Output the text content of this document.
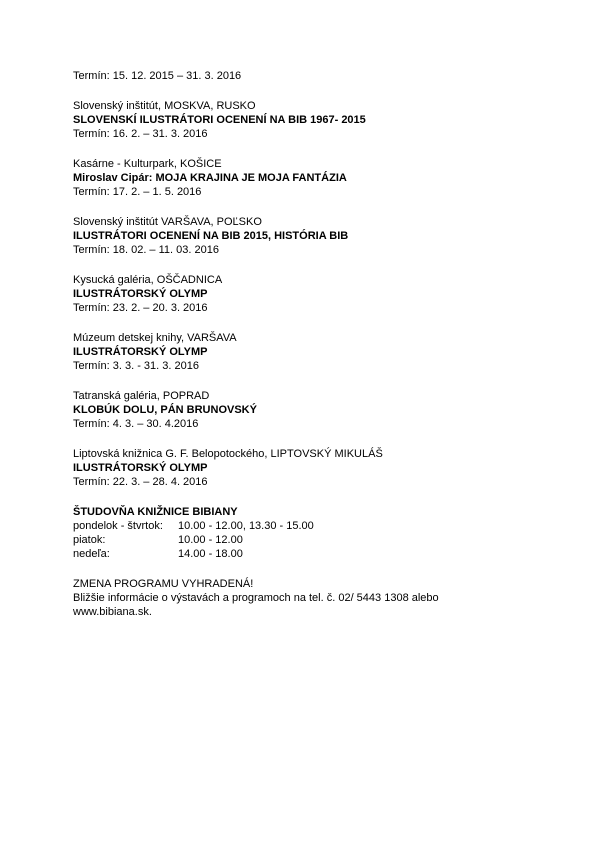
Termín: 15. 12. 2015 – 31. 3. 2016
Slovenský inštitút, MOSKVA, RUSKO
SLOVENSKÍ ILUSTRÁTORI OCENENÍ NA BIB 1967- 2015
Termín: 16. 2. – 31. 3. 2016
Kasárne - Kulturpark, KOŠICE
Miroslav Cipár: MOJA KRAJINA JE MOJA FANTÁZIA
Termín: 17. 2. – 1. 5. 2016
Slovenský inštitút VARŠAVA, POĽSKO
ILUSTRÁTORI OCENENÍ NA BIB 2015, HISTÓRIA BIB
Termín: 18. 02. – 11. 03. 2016
Kysucká galéria, OŠČADNICA
ILUSTRÁTORSKÝ OLYMP
Termín: 23. 2. – 20. 3. 2016
Múzeum detskej knihy, VARŠAVA
ILUSTRÁTORSKÝ OLYMP
Termín: 3. 3. - 31. 3. 2016
Tatranská galéria, POPRAD
KLOBÚK DOLU, PÁN BRUNOVSKÝ
Termín: 4. 3. – 30. 4.2016
Liptovská knižnica G. F. Belopotockého, LIPTOVSKÝ MIKULÁŠ
ILUSTRÁTORSKÝ OLYMP
Termín: 22. 3. – 28. 4. 2016
ŠTUDOVŇA KNIŽNICE BIBIANY
pondelok - štvrtok:	10.00 - 12.00, 13.30 - 15.00
piatok:	10.00 - 12.00
nedeľa:	14.00 - 18.00
ZMENA PROGRAMU VYHRADENÁ!
Bližšie informácie o výstavách a programoch na tel. č. 02/ 5443 1308 alebo
www.bibiana.sk.
